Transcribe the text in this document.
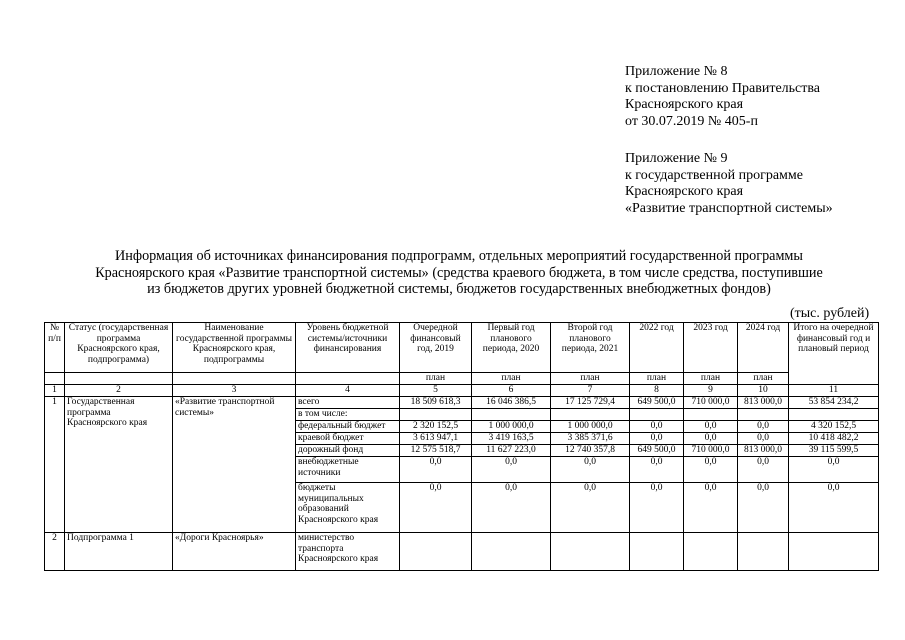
Приложение № 8
к постановлению Правительства
Красноярского края
от 30.07.2019 № 405-п
Приложение № 9
к государственной программе
Красноярского края
«Развитие транспортной системы»
Информация об источниках финансирования подпрограмм, отдельных мероприятий государственной программы
Красноярского края «Развитие транспортной системы» (средства краевого бюджета, в том числе средства, поступившие
из бюджетов других уровней бюджетной системы, бюджетов государственных внебюджетных фондов)
(тыс. рублей)
№ п/п	Статус (государственная программа Красноярского края, подпрограмма)	Наименование государственной программы Красноярского края, подпрограммы	Уровень бюджетной системы/источники финансирования	Очередной финансовый год, 2019	Первый год планового периода, 2020	Второй год планового периода, 2021	2022 год	2023 год	2024 год	Итого на очередной финансовый год и плановый период
				план	план	план	план	план	план	
1	2	3	4	5	6	7	8	9	10	11
1	Государственная программа Красноярского края	«Развитие транспортной системы»	всего	18 509 618,3	16 046 386,5	17 125 729,4	649 500,0	710 000,0	813 000,0	53 854 234,2
			в том числе:							
			федеральный бюджет	2 320 152,5	1 000 000,0	1 000 000,0	0,0	0,0	0,0	4 320 152,5
			краевой бюджет	3 613 947,1	3 419 163,5	3 385 371,6	0,0	0,0	0,0	10 418 482,2
			дорожный фонд	12 575 518,7	11 627 223,0	12 740 357,8	649 500,0	710 000,0	813 000,0	39 115 599,5
			внебюджетные источники	0,0	0,0	0,0	0,0	0,0	0,0	0,0
			бюджеты муниципальных образований Красноярского края	0,0	0,0	0,0	0,0	0,0	0,0	0,0
2	Подпрограмма 1	«Дороги Красноярья»	министерство транспорта Красноярского края							
